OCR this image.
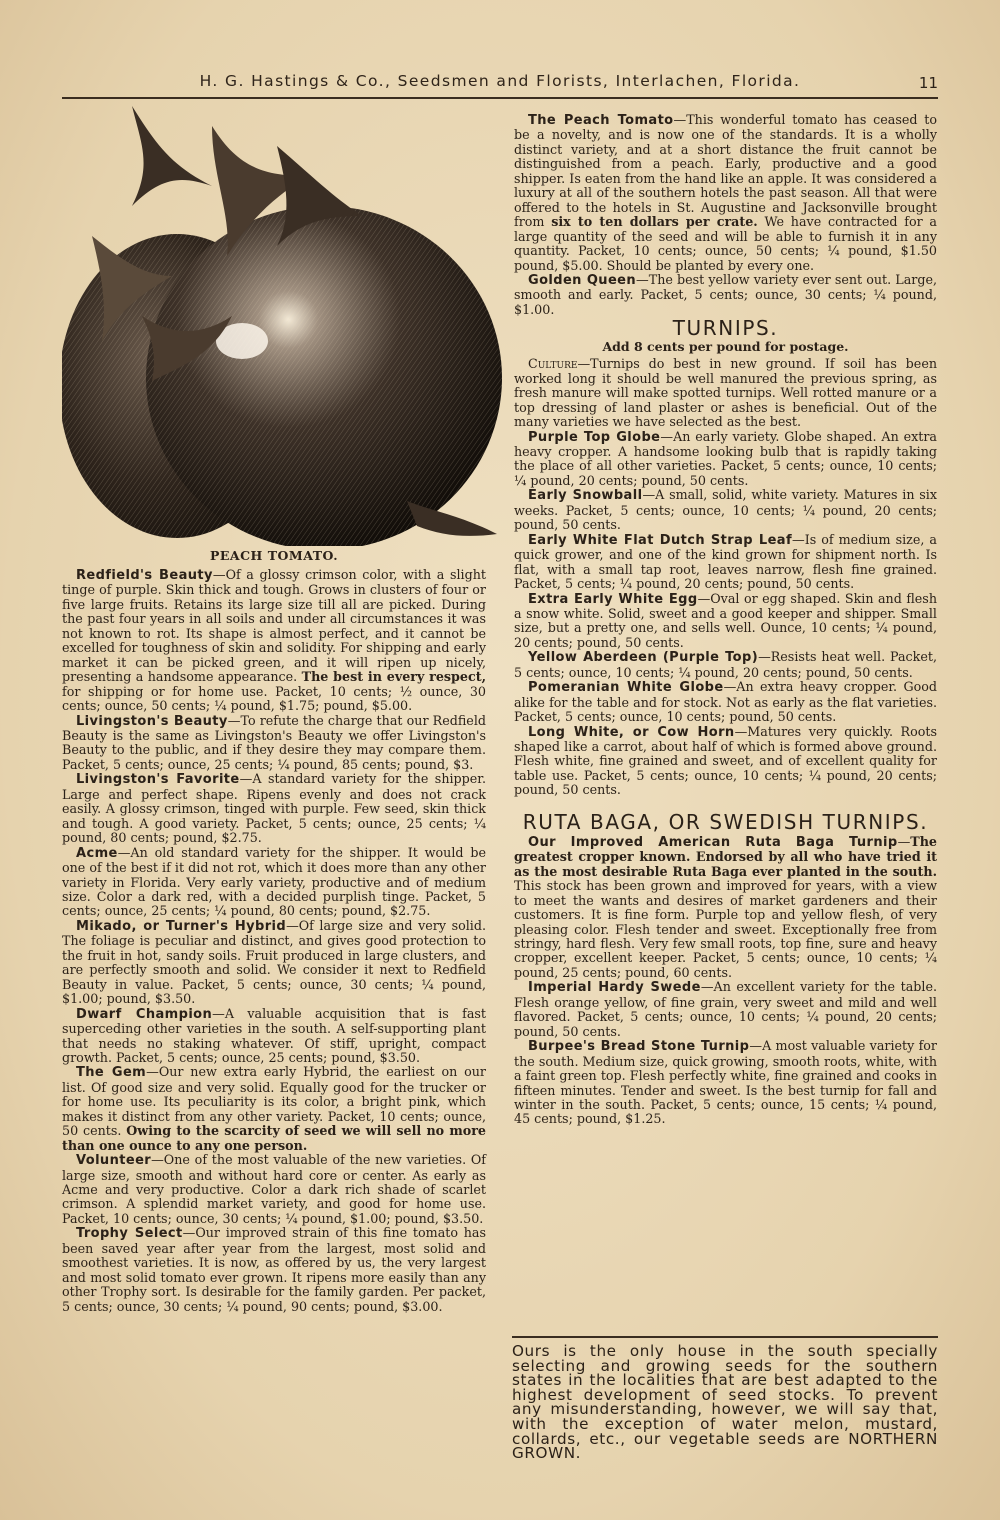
H. G. Hastings & Co., Seedsmen and Florists, Interlachen, Florida.	11
PEACH TOMATO.

Redfield's Beauty—Of a glossy crimson color, with a slight tinge of purple. Skin thick and tough. Grows in clusters of four or five large fruits. Retains its large size till all are picked. During the past four years in all soils and under all circumstances it was not known to rot. Its shape is almost perfect, and it cannot be excelled for toughness of skin and solidity. For shipping and early market it can be picked green, and it will ripen up nicely, presenting a handsome appearance. The best in every respect, for shipping or for home use. Packet, 10 cents; ½ ounce, 30 cents; ounce, 50 cents; ¼ pound, $1.75; pound, $5.00.

Livingston's Beauty—To refute the charge that our Redfield Beauty is the same as Livingston's Beauty we offer Livingston's Beauty to the public, and if they desire they may compare them. Packet, 5 cents; ounce, 25 cents; ¼ pound, 85 cents; pound, $3.

Livingston's Favorite—A standard variety for the shipper. Large and perfect shape. Ripens evenly and does not crack easily. A glossy crimson, tinged with purple. Few seed, skin thick and tough. A good variety. Packet, 5 cents; ounce, 25 cents; ¼ pound, 80 cents; pound, $2.75.

Acme—An old standard variety for the shipper. It would be one of the best if it did not rot, which it does more than any other variety in Florida. Very early variety, productive and of medium size. Color a dark red, with a decided purplish tinge. Packet, 5 cents; ounce, 25 cents; ¼ pound, 80 cents; pound, $2.75.

Mikado, or Turner's Hybrid—Of large size and very solid. The foliage is peculiar and distinct, and gives good protection to the fruit in hot, sandy soils. Fruit produced in large clusters, and are perfectly smooth and solid. We consider it next to Redfield Beauty in value. Packet, 5 cents; ounce, 30 cents; ¼ pound, $1.00; pound, $3.50.

Dwarf Champion—A valuable acquisition that is fast superceding other varieties in the south. A self-supporting plant that needs no staking whatever. Of stiff, upright, compact growth. Packet, 5 cents; ounce, 25 cents; pound, $3.50.

The Gem—Our new extra early Hybrid, the earliest on our list. Of good size and very solid. Equally good for the trucker or for home use. Its peculiarity is its color, a bright pink, which makes it distinct from any other variety. Packet, 10 cents; ounce, 50 cents. Owing to the scarcity of seed we will sell no more than one ounce to any one person.

Volunteer—One of the most valuable of the new varieties. Of large size, smooth and without hard core or center. As early as Acme and very productive. Color a dark rich shade of scarlet crimson. A splendid market variety, and good for home use. Packet, 10 cents; ounce, 30 cents; ¼ pound, $1.00; pound, $3.50.

Trophy Select—Our improved strain of this fine tomato has been saved year after year from the largest, most solid and smoothest varieties. It is now, as offered by us, the very largest and most solid tomato ever grown. It ripens more easily than any other Trophy sort. Is desirable for the family garden. Per packet, 5 cents; ounce, 30 cents; ¼ pound, 90 cents; pound, $3.00.

The Peach Tomato—This wonderful tomato has ceased to be a novelty, and is now one of the standards. It is a wholly distinct variety, and at a short distance the fruit cannot be distinguished from a peach. Early, productive and a good shipper. Is eaten from the hand like an apple. It was considered a luxury at all of the southern hotels the past season. All that were offered to the hotels in St. Augustine and Jacksonville brought from six to ten dollars per crate. We have contracted for a large quantity of the seed and will be able to furnish it in any quantity. Packet, 10 cents; ounce, 50 cents; ¼ pound, $1.50 pound, $5.00. Should be planted by every one.

Golden Queen—The best yellow variety ever sent out. Large, smooth and early. Packet, 5 cents; ounce, 30 cents; ¼ pound, $1.00.

TURNIPS.
Add 8 cents per pound for postage.

Culture—Turnips do best in new ground. If soil has been worked long it should be well manured the previous spring, as fresh manure will make spotted turnips. Well rotted manure or a top dressing of land plaster or ashes is beneficial. Out of the many varieties we have selected as the best.

Purple Top Globe—An early variety. Globe shaped. An extra heavy cropper. A handsome looking bulb that is rapidly taking the place of all other varieties. Packet, 5 cents; ounce, 10 cents; ¼ pound, 20 cents; pound, 50 cents.

Early Snowball—A small, solid, white variety. Matures in six weeks. Packet, 5 cents; ounce, 10 cents; ¼ pound, 20 cents; pound, 50 cents.

Early White Flat Dutch Strap Leaf—Is of medium size, a quick grower, and one of the kind grown for shipment north. Is flat, with a small tap root, leaves narrow, flesh fine grained. Packet, 5 cents; ¼ pound, 20 cents; pound, 50 cents.

Extra Early White Egg—Oval or egg shaped. Skin and flesh a snow white. Solid, sweet and a good keeper and shipper. Small size, but a pretty one, and sells well. Ounce, 10 cents; ¼ pound, 20 cents; pound, 50 cents.

Yellow Aberdeen (Purple Top)—Resists heat well. Packet, 5 cents; ounce, 10 cents; ¼ pound, 20 cents; pound, 50 cents.

Pomeranian White Globe—An extra heavy cropper. Good alike for the table and for stock. Not as early as the flat varieties. Packet, 5 cents; ounce, 10 cents; pound, 50 cents.

Long White, or Cow Horn—Matures very quickly. Roots shaped like a carrot, about half of which is formed above ground. Flesh white, fine grained and sweet, and of excellent quality for table use. Packet, 5 cents; ounce, 10 cents; ¼ pound, 20 cents; pound, 50 cents.

RUTA BAGA, OR SWEDISH TURNIPS.

Our Improved American Ruta Baga Turnip—The greatest cropper known. Endorsed by all who have tried it as the most desirable Ruta Baga ever planted in the south. This stock has been grown and improved for years, with a view to meet the wants and desires of market gardeners and their customers. It is fine form. Purple top and yellow flesh, of very pleasing color. Flesh tender and sweet. Exceptionally free from stringy, hard flesh. Very few small roots, top fine, sure and heavy cropper, excellent keeper. Packet, 5 cents; ounce, 10 cents; ¼ pound, 25 cents; pound, 60 cents.

Imperial Hardy Swede—An excellent variety for the table. Flesh orange yellow, of fine grain, very sweet and mild and well flavored. Packet, 5 cents; ounce, 10 cents; ¼ pound, 20 cents; pound, 50 cents.

Burpee's Bread Stone Turnip—A most valuable variety for the south. Medium size, quick growing, smooth roots, white, with a faint green top. Flesh perfectly white, fine grained and cooks in fifteen minutes. Tender and sweet. Is the best turnip for fall and winter in the south. Packet, 5 cents; ounce, 15 cents; ¼ pound, 45 cents; pound, $1.25.

Ours is the only house in the south specially selecting and growing seeds for the southern states in the localities that are best adapted to the highest development of seed stocks. To prevent any misunderstanding, however, we will say that, with the exception of water melon, mustard, collards, etc., our vegetable seeds are NORTHERN GROWN.
